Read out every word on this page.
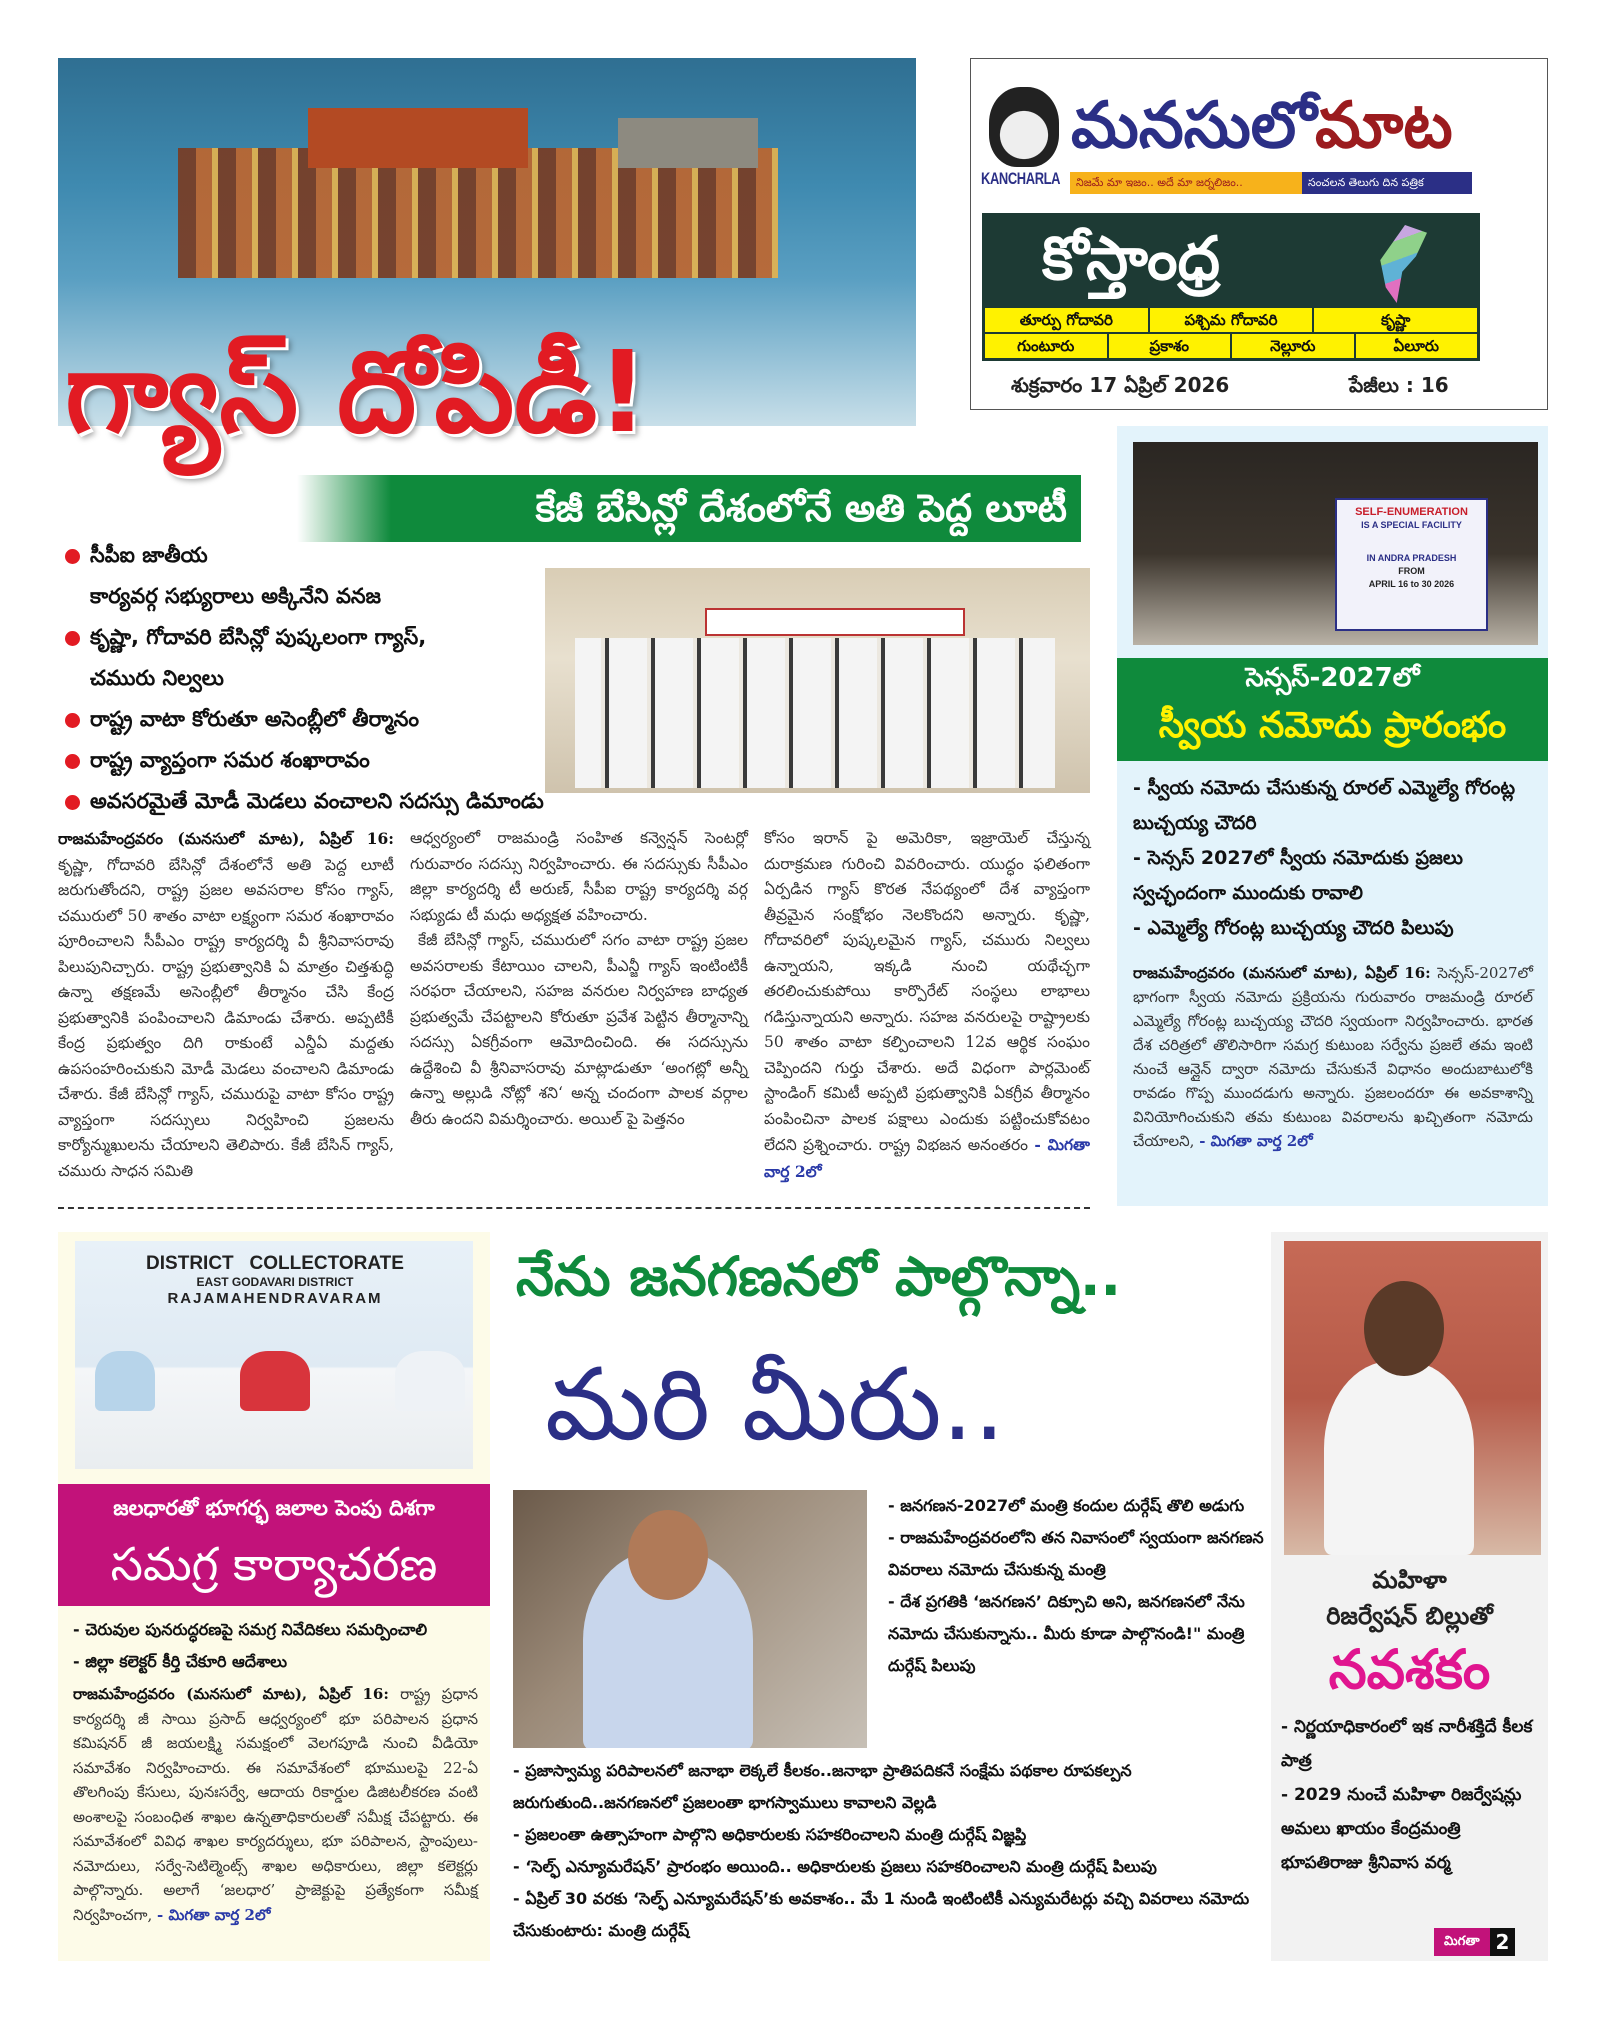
KANCHARLA
మనసులోమాట
నిజమే మా ఇజం.. అదే మా జర్నలిజం..	సంచలన తెలుగు దిన పత్రిక
కోస్తాంధ్ర
తూర్పు గోదావరి	పశ్చిమ గోదావరి	కృష్ణా
గుంటూరు	ప్రకాశం	నెల్లూరు	ఏలూరు
శుక్రవారం 17 ఏప్రిల్ 2026	పేజీలు : 16
గ్యాస్ దోపిడీ!
కేజీ బేసిన్లో దేశంలోనే అతి పెద్ద లూటీ
సీపీఐ జాతీయ
కార్యవర్గ సభ్యురాలు అక్కినేని వనజ
కృష్ణా, గోదావరి బేసిన్లో పుష్కలంగా గ్యాస్,
చమురు నిల్వలు
రాష్ట్ర వాటా కోరుతూ అసెంబ్లీలో తీర్మానం
రాష్ట్ర వ్యాప్తంగా సమర శంఖారావం
అవసరమైతే మోడీ మెడలు వంచాలని సదస్సు డిమాండు
రాజమహేంద్రవరం (మనసులో మాట), ఏప్రిల్ 16: కృష్ణా, గోదావరి బేసిన్లో దేశంలోనే అతి పెద్ద లూటీ జరుగుతోందని, రాష్ట్ర ప్రజల అవసరాల కోసం గ్యాస్, చమురులో 50 శాతం వాటా లక్ష్యంగా సమర శంఖారావం పూరించాలని సీపీఎం రాష్ట్ర కార్యదర్శి వీ శ్రీనివాసరావు పిలుపునిచ్చారు. రాష్ట్ర ప్రభుత్వానికి ఏ మాత్రం చిత్తశుద్ధి ఉన్నా తక్షణమే అసెంబ్లీలో తీర్మానం చేసి కేంద్ర ప్రభుత్వానికి పంపించాలని డిమాండు చేశారు. అప్పటికీ కేంద్ర ప్రభుత్వం దిగి రాకుంటే ఎన్డీఏ మద్దతు ఉపసంహరించుకుని మోడీ మెడలు వంచాలని డిమాండు చేశారు. కేజీ బేసిన్లో గ్యాస్, చమురుపై వాటా కోసం రాష్ట్ర వ్యాప్తంగా సదస్సులు నిర్వహించి ప్రజలను కార్యోన్ముఖులను చేయాలని తెలిపారు. కేజీ బేసిన్ గ్యాస్, చమురు సాధన సమితి

ఆధ్వర్యంలో రాజమండ్రి సంహిత కన్వెన్షన్ సెంటర్లో గురువారం సదస్సు నిర్వహించారు. ఈ సదస్సుకు సీపీఎం జిల్లా కార్యదర్శి టీ అరుణ్, సీపీఐ రాష్ట్ర కార్యదర్శి వర్గ సభ్యుడు టీ మధు అధ్యక్షత వహించారు.

కేజీ బేసిన్లో గ్యాస్, చమురులో సగం వాటా రాష్ట్ర ప్రజల అవసరాలకు కేటాయిం చాలని, పీఎన్జీ గ్యాస్ ఇంటింటికీ సరఫరా చేయాలని, సహజ వనరుల నిర్వహణ బాధ్యత ప్రభుత్వమే చేపట్టాలని కోరుతూ ప్రవేశ పెట్టిన తీర్మానాన్ని సదస్సు ఏకగ్రీవంగా ఆమోదించింది. ఈ సదస్సును ఉద్దేశించి వీ శ్రీనివాసరావు మాట్లాడుతూ ‘అంగట్లో అన్నీ ఉన్నా అల్లుడి నోట్లో శని‘ అన్న చందంగా పాలక వర్గాల తీరు ఉందని విమర్శించారు. అయిల్ పై పెత్తనం

కోసం ఇరాన్ పై అమెరికా, ఇజ్రాయెల్ చేస్తున్న దురాక్రమణ గురించి వివరించారు. యుద్ధం ఫలితంగా ఏర్పడిన గ్యాస్ కొరత నేపథ్యంలో దేశ వ్యాప్తంగా తీవ్రమైన సంక్షోభం నెలకొందని అన్నారు. కృష్ణా, గోదావరిలో పుష్కలమైన గ్యాస్, చమురు నిల్వలు ఉన్నాయని, ఇక్కడి నుంచి యథేచ్ఛగా తరలించుకుపోయి కార్పొరేట్ సంస్థలు లాభాలు గడిస్తున్నాయని అన్నారు. సహజ వనరులపై రాష్ట్రాలకు 50 శాతం వాటా కల్పించాలని 12వ ఆర్థిక సంఘం చెప్పిందని గుర్తు చేశారు. అదే విధంగా పార్లమెంట్ స్టాండింగ్ కమిటీ అప్పటి ప్రభుత్వానికి ఏకగ్రీవ తీర్మానం పంపించినా పాలక పక్షాలు ఎందుకు పట్టించుకోవటం లేదని ప్రశ్నించారు. రాష్ట్ర విభజన అనంతరం - మిగతా వార్త 2లో
SELF-ENUMERATION
IS A SPECIAL FACILITY
IN ANDRA PRADESH
FROM
APRIL 16 to 30 2026
సెన్సస్-2027లో
స్వీయ నమోదు ప్రారంభం
- స్వీయ నమోదు చేసుకున్న రూరల్ ఎమ్మెల్యే గోరంట్ల బుచ్చయ్య చౌదరి
- సెన్సస్ 2027లో స్వీయ నమోదుకు ప్రజలు స్వచ్ఛందంగా ముందుకు రావాలి
- ఎమ్మెల్యే గోరంట్ల బుచ్చయ్య చౌదరి పిలుపు
రాజమహేంద్రవరం (మనసులో మాట), ఏప్రిల్ 16: సెన్సస్-2027లో భాగంగా స్వీయ నమోదు ప్రక్రియను గురువారం రాజమండ్రి రూరల్ ఎమ్మెల్యే గోరంట్ల బుచ్చయ్య చౌదరి స్వయంగా నిర్వహించారు. భారత దేశ చరిత్రలో తొలిసారిగా సమగ్ర కుటుంబ సర్వేను ప్రజలే తమ ఇంటి నుంచే ఆన్లైన్ ద్వారా నమోదు చేసుకునే విధానం అందుబాటులోకి రావడం గొప్ప ముందడుగు అన్నారు. ప్రజలందరూ ఈ అవకాశాన్ని వినియోగించుకుని తమ కుటుంబ వివరాలను ఖచ్చితంగా నమోదు చేయాలని, - మిగతా వార్త 2లో
DISTRICT   COLLECTORATE
EAST GODAVARI DISTRICT
RAJAMAHENDRAVARAM
జలధారతో భూగర్భ జలాల పెంపు దిశగా
సమగ్ర కార్యాచరణ
- చెరువుల పునరుద్ధరణపై సమగ్ర నివేదికలు సమర్పించాలి
- జిల్లా కలెక్టర్ కీర్తి చేకూరి ఆదేశాలు
రాజమహేంద్రవరం (మనసులో మాట), ఏప్రిల్ 16: రాష్ట్ర ప్రధాన కార్యదర్శి జీ సాయి ప్రసాద్ ఆధ్వర్యంలో భూ పరిపాలన ప్రధాన కమిషనర్ జీ జయలక్ష్మి సమక్షంలో వెలగపూడి నుంచి వీడియో సమావేశం నిర్వహించారు. ఈ సమావేశంలో భూములపై 22-ఏ తొలగింపు కేసులు, పునఃసర్వే, ఆదాయ రికార్డుల డిజిటలీకరణ వంటి అంశాలపై సంబంధిత శాఖల ఉన్నతాధికారులతో సమీక్ష చేపట్టారు. ఈ సమావేశంలో వివిధ శాఖల కార్యదర్శులు, భూ పరిపాలన, స్టాంపులు-నమోదులు, సర్వే-సెటిల్మెంట్స్ శాఖల అధికారులు, జిల్లా కలెక్టర్లు పాల్గొన్నారు. అలాగే ‘జలధార’ ప్రాజెక్టుపై ప్రత్యేకంగా సమీక్ష నిర్వహించగా, - మిగతా వార్త 2లో
నేను జనగణనలో పాల్గొన్నా..
మరి మీరు..
- జనగణన-2027లో మంత్రి కందుల దుర్గేష్ తొలి అడుగు
- రాజమహేంద్రవరంలోని తన నివాసంలో స్వయంగా జనగణన వివరాలు నమోదు చేసుకున్న మంత్రి
- దేశ ప్రగతికి ‘జనగణన’ దిక్సూచి అని, జనగణనలో నేను నమోదు చేసుకున్నాను.. మీరు కూడా పాల్గొనండి!" మంత్రి దుర్గేష్ పిలుపు
- ప్రజాస్వామ్య పరిపాలనలో జనాభా లెక్కలే కీలకం..జనాభా ప్రాతిపదికనే సంక్షేమ పథకాల రూపకల్పన జరుగుతుంది..జనగణనలో ప్రజలంతా భాగస్వాములు కావాలని వెల్లడి
- ప్రజలంతా ఉత్సాహంగా పాల్గొని అధికారులకు సహకరించాలని మంత్రి దుర్గేష్ విజ్ఞప్తి
- ‘సెల్ఫ్ ఎన్యూమరేషన్’ ప్రారంభం అయింది.. అధికారులకు ప్రజలు సహకరించాలని మంత్రి దుర్గేష్ పిలుపు
- ఏప్రిల్ 30 వరకు ‘సెల్ఫ్ ఎన్యూమరేషన్’కు అవకాశం.. మే 1 నుండి ఇంటింటికీ ఎన్యుమరేటర్లు వచ్చి వివరాలు నమోదు చేసుకుంటారు: మంత్రి దుర్గేష్
మహిళా
రిజర్వేషన్ బిల్లుతో
నవశకం
- నిర్ణయాధికారంలో ఇక నారీశక్తిదే కీలక పాత్ర
- 2029 నుంచే మహిళా రిజర్వేషన్లు అమలు ఖాయం కేంద్రమంత్రి భూపతిరాజు శ్రీనివాస వర్మ
మిగతా 2
